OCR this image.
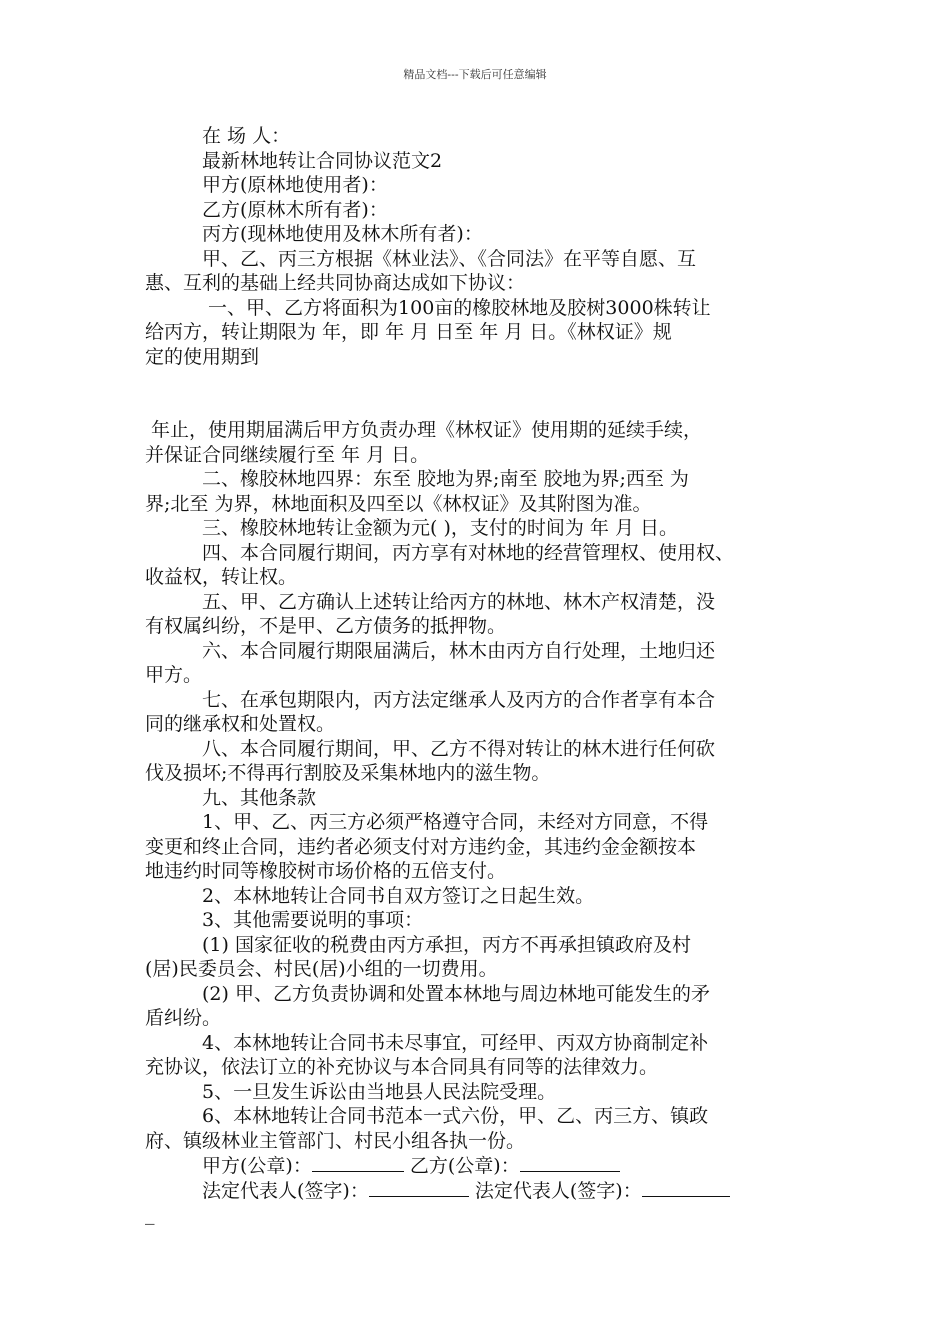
精品文档---下载后可任意编辑
在 场 人：
最新林地转让合同协议范文2
甲方(原林地使用者)：
乙方(原林木所有者)：
丙方(现林地使用及林木所有者)：
甲、乙、丙三方根据《林业法》、《合同法》在平等自愿、互
惠、互利的基础上经共同协商达成如下协议：
一、甲、乙方将面积为100亩的橡胶林地及胶树3000株转让
给丙方，转让期限为 年，即 年 月 日至 年 月 日。《林权证》规
定的使用期到
年止，使用期届满后甲方负责办理《林权证》使用期的延续手续，
并保证合同继续履行至 年 月 日。
二、橡胶林地四界：东至 胶地为界;南至 胶地为界;西至 为
界;北至 为界，林地面积及四至以《林权证》及其附图为准。
三、橡胶林地转让金额为元( )，支付的时间为 年 月 日。
四、本合同履行期间，丙方享有对林地的经营管理权、使用权、
收益权，转让权。
五、甲、乙方确认上述转让给丙方的林地、林木产权清楚，没
有权属纠纷，不是甲、乙方债务的抵押物。
六、本合同履行期限届满后，林木由丙方自行处理，土地归还
甲方。
七、在承包期限内，丙方法定继承人及丙方的合作者享有本合
同的继承权和处置权。
八、本合同履行期间，甲、乙方不得对转让的林木进行任何砍
伐及损坏;不得再行割胶及采集林地内的滋生物。
九、其他条款
1、甲、乙、丙三方必须严格遵守合同，未经对方同意，不得
变更和终止合同，违约者必须支付对方违约金，其违约金金额按本
地违约时同等橡胶树市场价格的五倍支付。
2、本林地转让合同书自双方签订之日起生效。
3、其他需要说明的事项：
(1) 国家征收的税费由丙方承担，丙方不再承担镇政府及村
(居)民委员会、村民(居)小组的一切费用。
(2) 甲、乙方负责协调和处置本林地与周边林地可能发生的矛
盾纠纷。
4、本林地转让合同书未尽事宜，可经甲、丙双方协商制定补
充协议，依法订立的补充协议与本合同具有同等的法律效力。
5、一旦发生诉讼由当地县人民法院受理。
6、本林地转让合同书范本一式六份，甲、乙、丙三方、镇政
府、镇级林业主管部门、村民小组各执一份。
甲方(公章)：	乙方(公章)：
法定代表人(签字)：	法定代表人(签字)：
_
